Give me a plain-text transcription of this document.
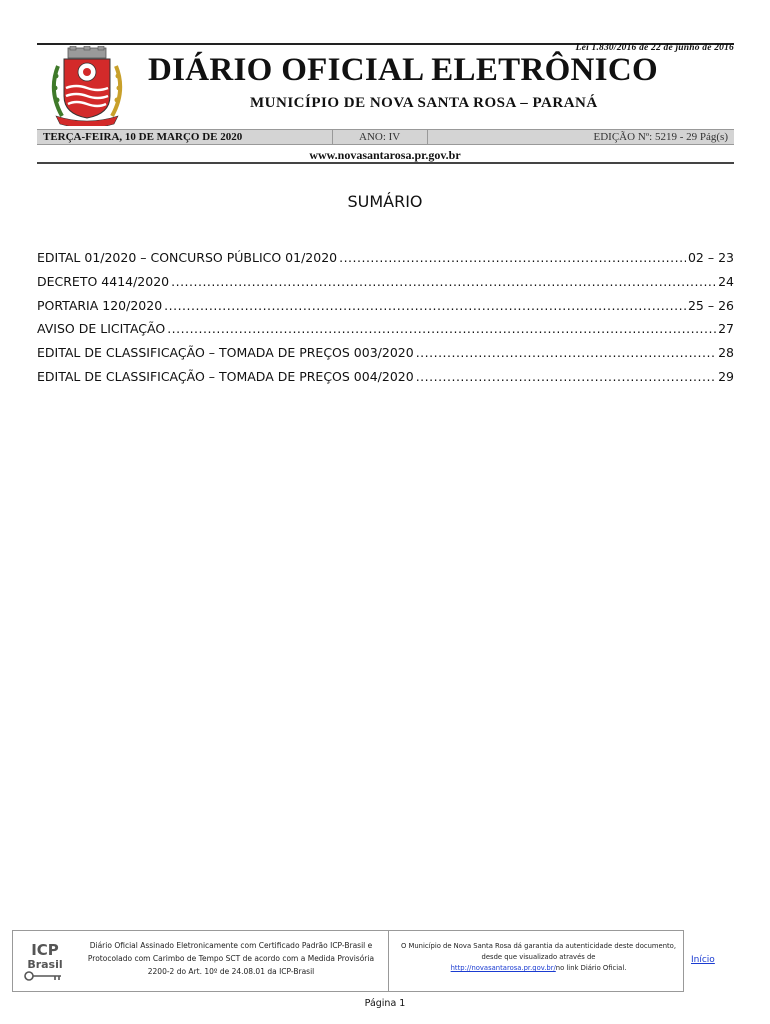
Lei 1.830/2016 de 22 de junho de 2016
DIÁRIO OFICIAL ELETRÔNICO
MUNICÍPIO DE NOVA SANTA ROSA – PARANÁ
TERÇA-FEIRA, 10 DE MARÇO DE 2020	ANO: IV	EDIÇÃO Nº: 5219 - 29 Pág(s)
www.novasantarosa.pr.gov.br
SUMÁRIO
EDITAL 01/2020 – CONCURSO PÚBLICO 01/2020 .....	02 – 23
DECRETO 4414/2020 .....	24
PORTARIA 120/2020 .....	25 – 26
AVISO DE LICITAÇÃO .....	27
EDITAL DE CLASSIFICAÇÃO – TOMADA DE PREÇOS 003/2020 .....	28
EDITAL DE CLASSIFICAÇÃO – TOMADA DE PREÇOS 004/2020 .....	29
ICP
Brasil
Diário Oficial Assinado Eletronicamente com Certificado Padrão ICP-Brasil e Protocolado com Carimbo de Tempo SCT de acordo com a Medida Provisória 2200-2 do Art. 10º de 24.08.01 da ICP-Brasil
O Município de Nova Santa Rosa dá garantia da autenticidade deste documento, desde que visualizado através de
http://novasantarosa.pr.gov.br/no link Diário Oficial.
Início
Página 1
